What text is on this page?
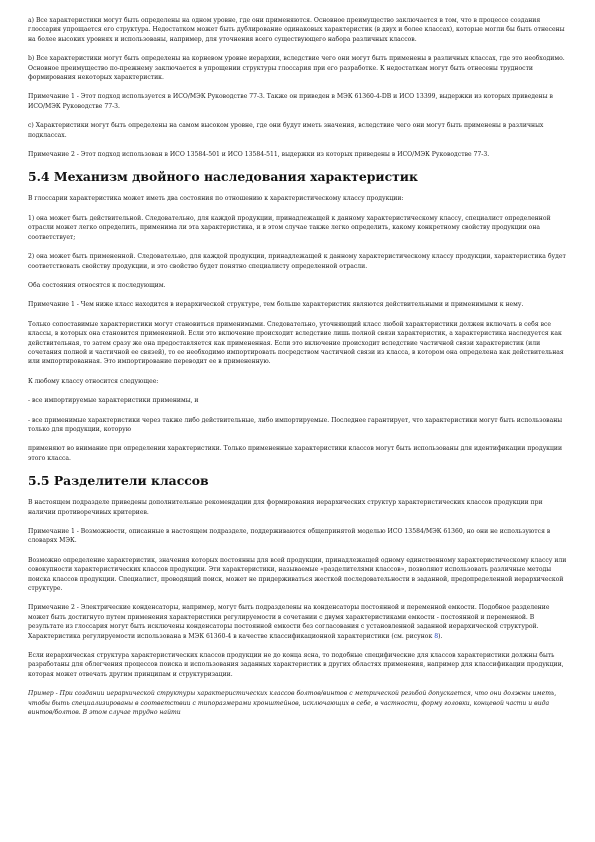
a) Все характеристики могут быть определены на одном уровне, где они применяются. Основное преимущество заключается в том, что в процессе создания глоссария упрощается его структура. Недостатком может быть дублирование одинаковых характеристик (в двух и более классах), которые могли бы быть отнесены на более высоких уровнях и использованы, например, для уточнения всего существующего набора различных классов.

b) Все характеристики могут быть определены на корневом уровне иерархии, вследствие чего они могут быть применены в различных классах, где это необходимо. Основное преимущество по-прежнему заключается в упрощении структуры глоссария при его разработке. К недостаткам могут быть отнесены трудности формирования некоторых характеристик.

Примечание 1 - Этот подход используется в ИСО/МЭК Руководстве 77-3. Также он приведен в МЭК 61360-4-DB и ИСО 13399, выдержки из которых приведены в ИСО/МЭК Руководстве 77-3.

c) Характеристики могут быть определены на самом высоком уровне, где они будут иметь значения, вследствие чего они могут быть применены в различных подклассах.

Примечание 2 - Этот подход использован в ИСО 13584-501 и ИСО 13584-511, выдержки из которых приведены в ИСО/МЭК Руководстве 77-3.

5.4 Механизм двойного наследования характеристик

В глоссарии характеристика может иметь два состояния по отношению к характеристическому классу продукции:

1) она может быть действительной. Следовательно, для каждой продукции, принадлежащей к данному характеристическому классу, специалист определенной отрасли может легко определить, применима ли эта характеристика, и в этом случае также легко определить, какому конкретному свойству продукции она соответствует;

2) она может быть примененной. Следовательно, для каждой продукции, принадлежащей к данному характеристическому классу продукции, характеристика будет соответствовать свойству продукции, и это свойство будет понятно специалисту определенной отрасли.

Оба состояния относятся к последующим.

Примечание 1 - Чем ниже класс находится в иерархической структуре, тем больше характеристик являются действительными и применимыми к нему.

Только сопоставимые характеристики могут становиться применимыми. Следовательно, уточняющий класс любой характеристики должен включать в себя все классы, в которых она становится примененной. Если это включение происходит вследствие лишь полной связи характеристик, а характеристика наследуется как действительная, то затем сразу же она предоставляется как примененная. Если это включение происходит вследствие частичной связи характеристик (или сочетания полной и частичной ее связей), то ее необходимо импортировать посредством частичной связи из класса, в котором она определена как действительная или импортированная. Это импортирование переводит ее в примененную.

К любому классу относится следующее:

- все импортируемые характеристики применимы, и

- все применимые характеристики через также либо действительные, либо импортируемые. Последнее гарантирует, что характеристики могут быть использованы только для продукции, которую

применяют во внимание при определении характеристики. Только примененные характеристики классов могут быть использованы для идентификации продукции этого класса.

5.5 Разделители классов

В настоящем подразделе приведены дополнительные рекомендации для формирования иерархических структур характеристических классов продукции при наличии противоречивых критериев.

Примечание 1 - Возможности, описанные в настоящем подразделе, поддерживаются общепринятой моделью ИСО 13584/МЭК 61360, но они не используются в словарях МЭК.

Возможно определение характеристик, значения которых постоянны для всей продукции, принадлежащей одному единственному характеристическому классу или совокупности характеристических классов продукции. Эти характеристики, называемые «разделителями классов», позволяют использовать различные методы поиска классов продукции. Специалист, проводящий поиск, может не придерживаться жесткой последовательности в заданной, предопределенной иерархической структуре.

Примечание 2 - Электрические конденсаторы, например, могут быть подразделены на конденсаторы постоянной и переменной емкости. Подобное разделение может быть достигнуто путем применения характеристики регулируемости в сочетании с двумя характеристиками емкости - постоянной и переменной. В результате из глоссария могут быть исключены конденсаторы постоянной емкости без согласования с установленной заданной иерархической структурой. Характеристика регулируемости использована в МЭК 61360-4 в качестве классификационной характеристики (см. рисунок 8).

Если иерархическая структура характеристических классов продукции не до конца ясна, то подобные специфические для классов характеристики должны быть разработаны для облегчения процессов поиска и использования заданных характеристик в других областях применения, например для классификации продукции, которая может отвечать другим принципам и структуризации.

Пример - При создании иерархической структуры характеристических классов болтов/винтов с метрической резьбой допускается, что они должны иметь, чтобы быть специализированы в соответствии с типоразмерами кронштейнов, исключающих в себе, в частности, форму головки, концевой части и вида винтов/болтов. В этом случае трудно найти
